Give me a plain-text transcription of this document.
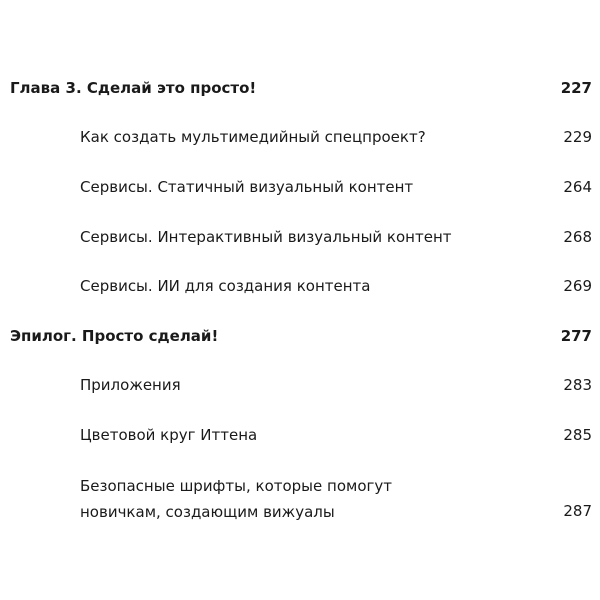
Глава 3. Сделай это просто!	227
Как создать мультимедийный спецпроект?	229
Сервисы. Статичный визуальный контент	264
Сервисы. Интерактивный визуальный контент	268
Сервисы. ИИ для создания контента	269
Эпилог. Просто сделай!	277
Приложения	283
Цветовой круг Иттена	285
Безопасные шрифты, которые помогут новичкам, создающим вижуалы	287
